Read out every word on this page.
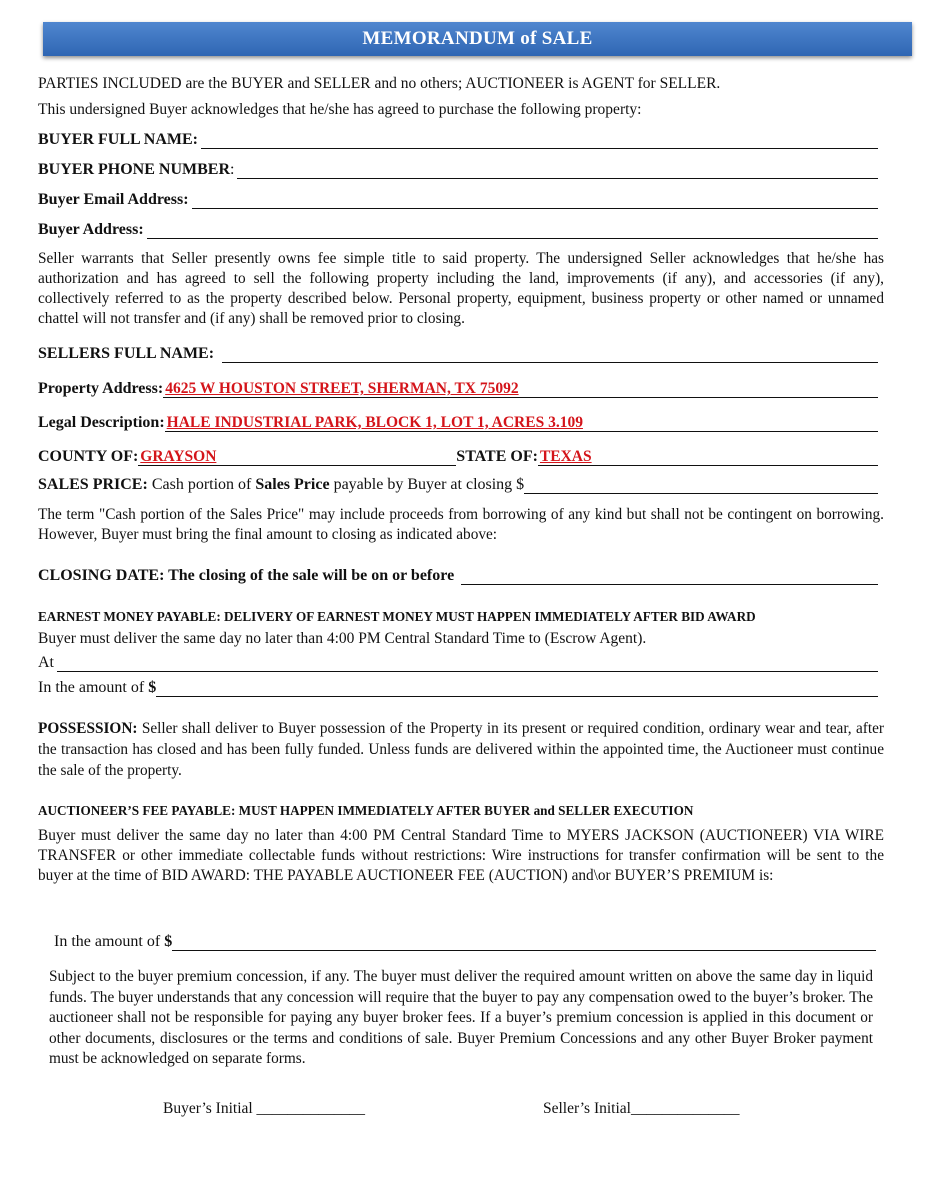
MEMORANDUM of SALE
PARTIES INCLUDED are the BUYER and SELLER and no others; AUCTIONEER is AGENT for SELLER.
This undersigned Buyer acknowledges that he/she has agreed to purchase the following property:
BUYER FULL NAME:
BUYER PHONE NUMBER :
Buyer Email Address:
Buyer Address:
Seller warrants that Seller presently owns fee simple title to said property. The undersigned Seller acknowledges that he/she has authorization and has agreed to sell the following property including the land, improvements (if any), and accessories (if any), collectively referred to as the property described below. Personal property, equipment, business property or other named or unnamed chattel will not transfer and (if any) shall be removed prior to closing.
SELLERS FULL NAME:
Property Address: 4625 W HOUSTON STREET, SHERMAN, TX 75092
Legal Description: HALE INDUSTRIAL PARK, BLOCK 1, LOT 1, ACRES 3.109
COUNTY OF: GRAYSON	STATE OF: TEXAS
SALES PRICE: Cash portion of Sales Price payable by Buyer at closing $
The term "Cash portion of the Sales Price" may include proceeds from borrowing of any kind but shall not be contingent on borrowing. However, Buyer must bring the final amount to closing as indicated above:
CLOSING DATE: The closing of the sale will be on or before
EARNEST MONEY PAYABLE: DELIVERY OF EARNEST MONEY MUST HAPPEN IMMEDIATELY AFTER BID AWARD
Buyer must deliver the same day no later than 4:00 PM Central Standard Time to (Escrow Agent).
At
In the amount of $
POSSESSION: Seller shall deliver to Buyer possession of the Property in its present or required condition, ordinary wear and tear, after the transaction has closed and has been fully funded. Unless funds are delivered within the appointed time, the Auctioneer must continue the sale of the property.
AUCTIONEER’S FEE PAYABLE: MUST HAPPEN IMMEDIATELY AFTER BUYER and SELLER EXECUTION
Buyer must deliver the same day no later than 4:00 PM Central Standard Time to MYERS JACKSON (AUCTIONEER) VIA WIRE TRANSFER or other immediate collectable funds without restrictions: Wire instructions for transfer confirmation will be sent to the buyer at the time of BID AWARD: THE PAYABLE AUCTIONEER FEE (AUCTION) and\or BUYER’S PREMIUM is:
In the amount of $
Subject to the buyer premium concession, if any. The buyer must deliver the required amount written on above the same day in liquid funds. The buyer understands that any concession will require that the buyer to pay any compensation owed to the buyer’s broker. The auctioneer shall not be responsible for paying any buyer broker fees. If a buyer’s premium concession is applied in this document or other documents, disclosures or the terms and conditions of sale. Buyer Premium Concessions and any other Buyer Broker payment must be acknowledged on separate forms.
Buyer’s Initial ______________	Seller’s Initial______________
